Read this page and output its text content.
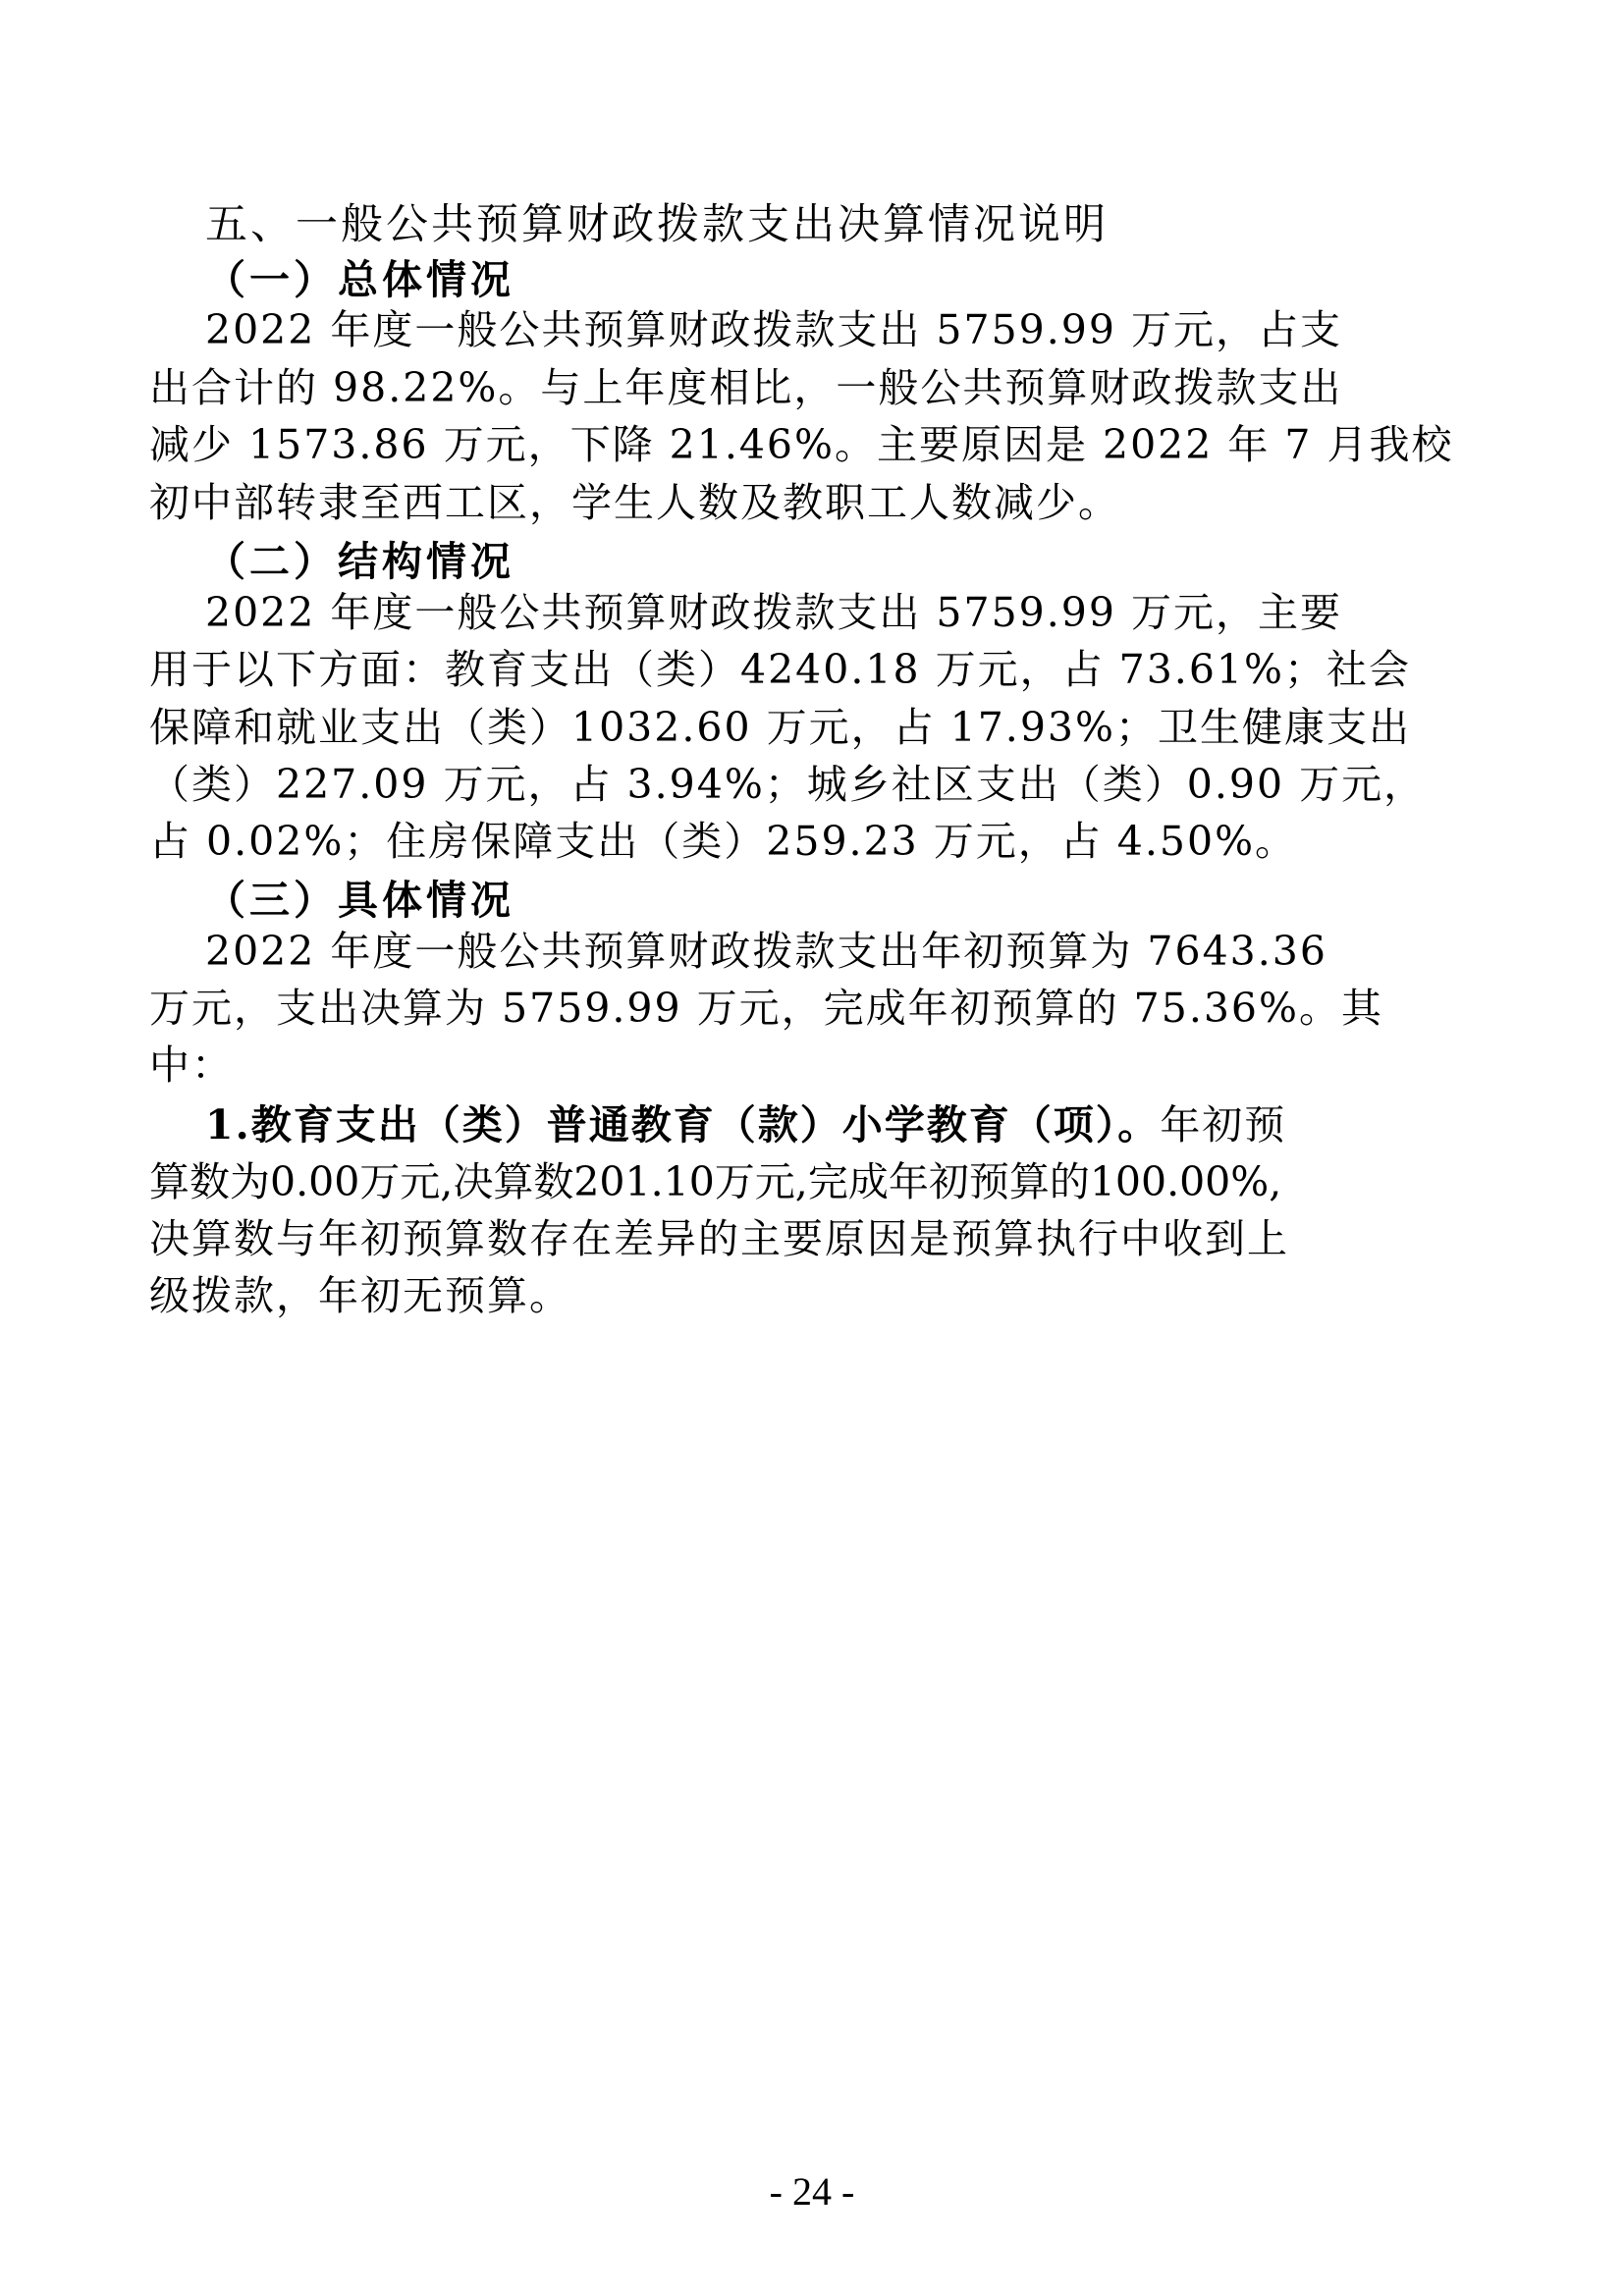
五、一般公共预算财政拨款支出决算情况说明
（一）总体情况
2022 年度一般公共预算财政拨款支出 5759.99 万元，占支
出合计的 98.22%。与上年度相比，一般公共预算财政拨款支出
减少 1573.86 万元，下降 21.46%。主要原因是 2022 年 7 月我校
初中部转隶至西工区，学生人数及教职工人数减少。
（二）结构情况
2022 年度一般公共预算财政拨款支出 5759.99 万元，主要
用于以下方面：教育支出（类）4240.18 万元，占 73.61%；社会
保障和就业支出（类）1032.60 万元，占 17.93%；卫生健康支出
（类）227.09 万元，占 3.94%；城乡社区支出（类）0.90 万元，
占 0.02%；住房保障支出（类）259.23 万元，占 4.50%。
（三）具体情况
2022 年度一般公共预算财政拨款支出年初预算为 7643.36
万元，支出决算为 5759.99 万元，完成年初预算的 75.36%。其
中：
1.教育支出（类）普通教育（款）小学教育（项）。年初预
算数为0.00万元,决算数201.10万元,完成年初预算的100.00%,
决算数与年初预算数存在差异的主要原因是预算执行中收到上
级拨款，年初无预算。
- 24 -
